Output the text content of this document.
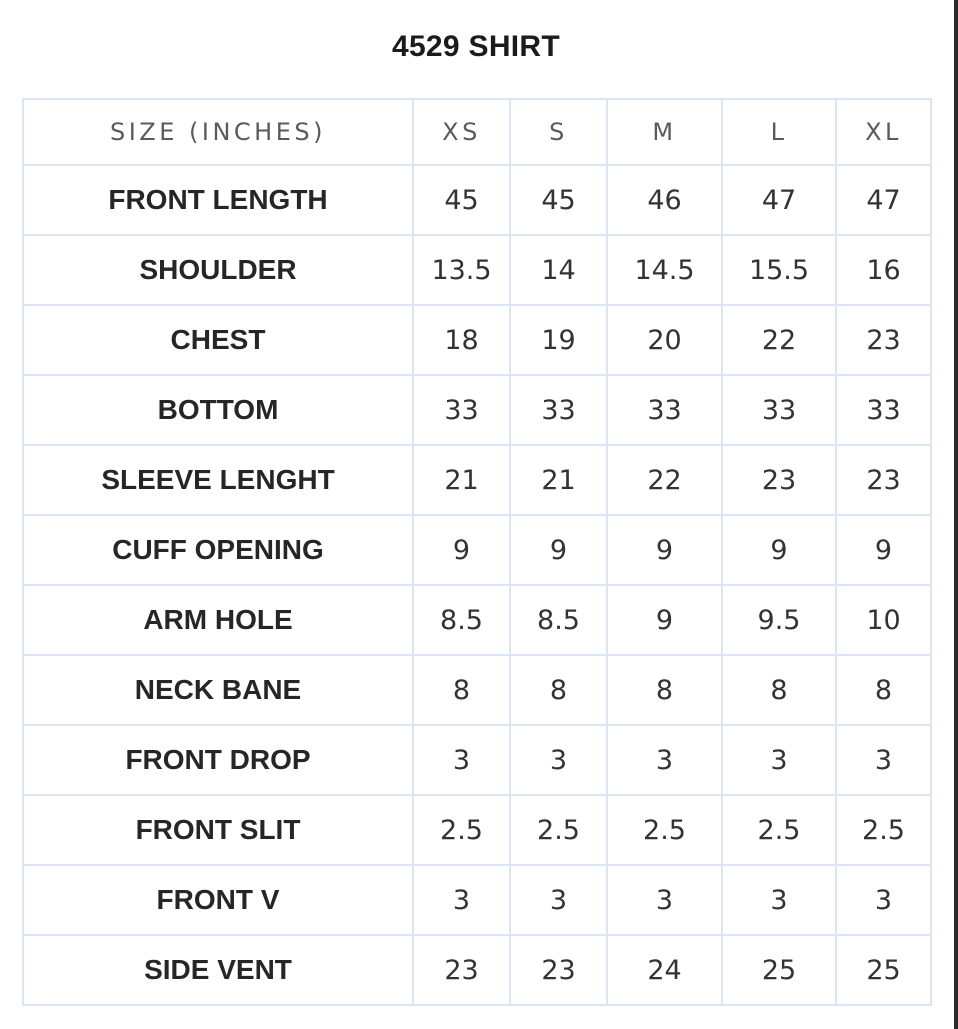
4529 SHIRT
SIZE (INCHES)	XS	S	M	L	XL
FRONT LENGTH	45	45	46	47	47
SHOULDER	13.5	14	14.5	15.5	16
CHEST	18	19	20	22	23
BOTTOM	33	33	33	33	33
SLEEVE LENGHT	21	21	22	23	23
CUFF OPENING	9	9	9	9	9
ARM HOLE	8.5	8.5	9	9.5	10
NECK BANE	8	8	8	8	8
FRONT DROP	3	3	3	3	3
FRONT SLIT	2.5	2.5	2.5	2.5	2.5
FRONT V	3	3	3	3	3
SIDE VENT	23	23	24	25	25
